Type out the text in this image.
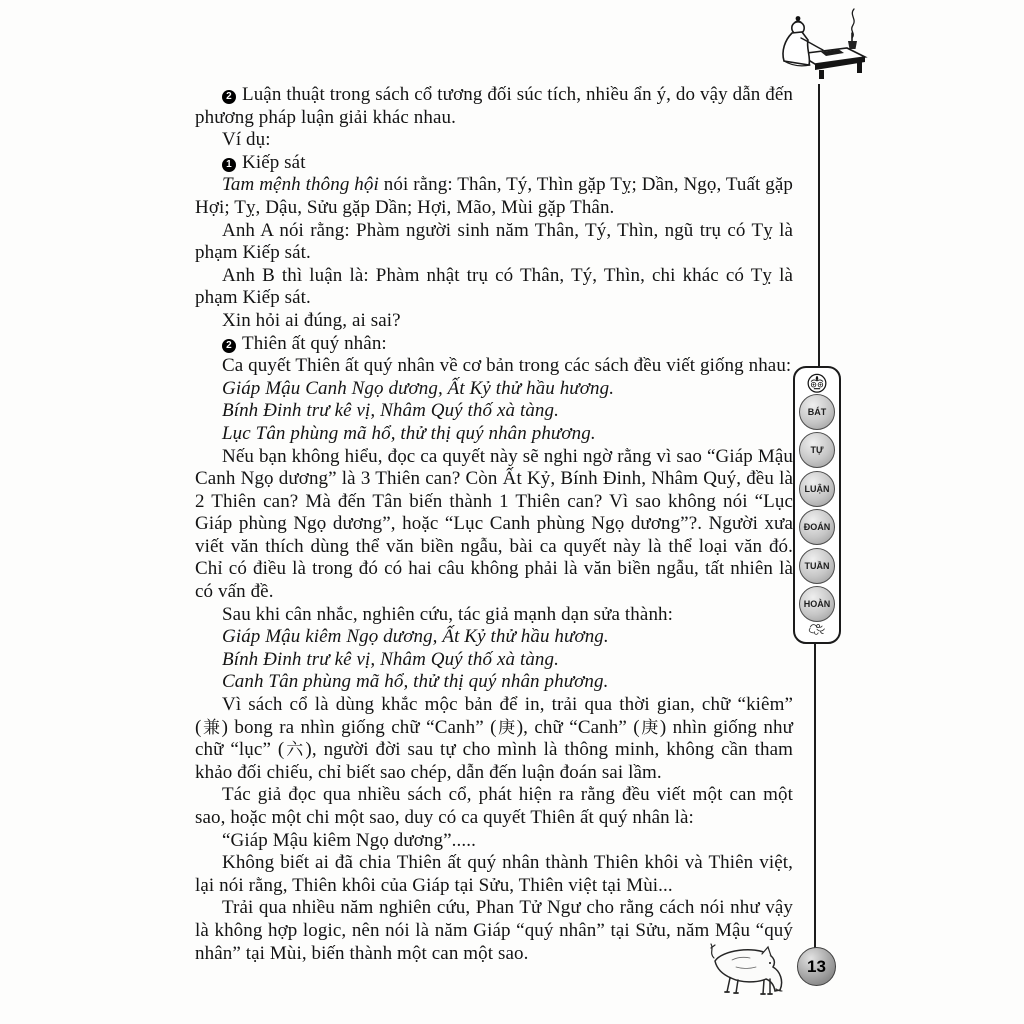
BÁT
TỰ
LUẬN
ĐOÁN
TUẦN
HOÀN

2 Luận thuật trong sách cổ tương đối súc tích, nhiều ẩn ý, do vậy dẫn đến phương pháp luận giải khác nhau.

Ví dụ:

1 Kiếp sát

Tam mệnh thông hội nói rằng: Thân, Tý, Thìn gặp Tỵ; Dần, Ngọ, Tuất gặp Hợi; Tỵ, Dậu, Sửu gặp Dần; Hợi, Mão, Mùi gặp Thân.

Anh A nói rằng: Phàm người sinh năm Thân, Tý, Thìn, ngũ trụ có Tỵ là phạm Kiếp sát.

Anh B thì luận là: Phàm nhật trụ có Thân, Tý, Thìn, chi khác có Tỵ là phạm Kiếp sát.

Xin hỏi ai đúng, ai sai?

2 Thiên ất quý nhân:

Ca quyết Thiên ất quý nhân về cơ bản trong các sách đều viết giống nhau:

Giáp Mậu Canh Ngọ dương, Ất Kỷ thử hầu hương.

Bính Đinh trư kê vị, Nhâm Quý thố xà tàng.

Lục Tân phùng mã hổ, thử thị quý nhân phương.

Nếu bạn không hiểu, đọc ca quyết này sẽ nghi ngờ rằng vì sao “Giáp Mậu Canh Ngọ dương” là 3 Thiên can? Còn Ất Kỷ, Bính Đinh, Nhâm Quý, đều là 2 Thiên can? Mà đến Tân biến thành 1 Thiên can? Vì sao không nói “Lục Giáp phùng Ngọ dương”, hoặc “Lục Canh phùng Ngọ dương”?. Người xưa viết văn thích dùng thể văn biền ngẫu, bài ca quyết này là thể loại văn đó. Chỉ có điều là trong đó có hai câu không phải là văn biền ngẫu, tất nhiên là có vấn đề.

Sau khi cân nhắc, nghiên cứu, tác giả mạnh dạn sửa thành:

Giáp Mậu kiêm Ngọ dương, Ất Kỷ thử hầu hương.

Bính Đinh trư kê vị, Nhâm Quý thố xà tàng.

Canh Tân phùng mã hổ, thử thị quý nhân phương.

Vì sách cổ là dùng khắc mộc bản để in, trải qua thời gian, chữ “kiêm” (兼) bong ra nhìn giống chữ “Canh” (庚), chữ “Canh” (庚) nhìn giống như chữ “lục” (六), người đời sau tự cho mình là thông minh, không cần tham khảo đối chiếu, chỉ biết sao chép, dẫn đến luận đoán sai lầm.

Tác giả đọc qua nhiều sách cổ, phát hiện ra rằng đều viết một can một sao, hoặc một chi một sao, duy có ca quyết Thiên ất quý nhân là:

“Giáp Mậu kiêm Ngọ dương”.....

Không biết ai đã chia Thiên ất quý nhân thành Thiên khôi và Thiên việt, lại nói rằng, Thiên khôi của Giáp tại Sửu, Thiên việt tại Mùi...

Trải qua nhiều năm nghiên cứu, Phan Tử Ngư cho rằng cách nói như vậy là không hợp logic, nên nói là năm Giáp “quý nhân” tại Sửu, năm Mậu “quý nhân” tại Mùi, biến thành một can một sao.

13
